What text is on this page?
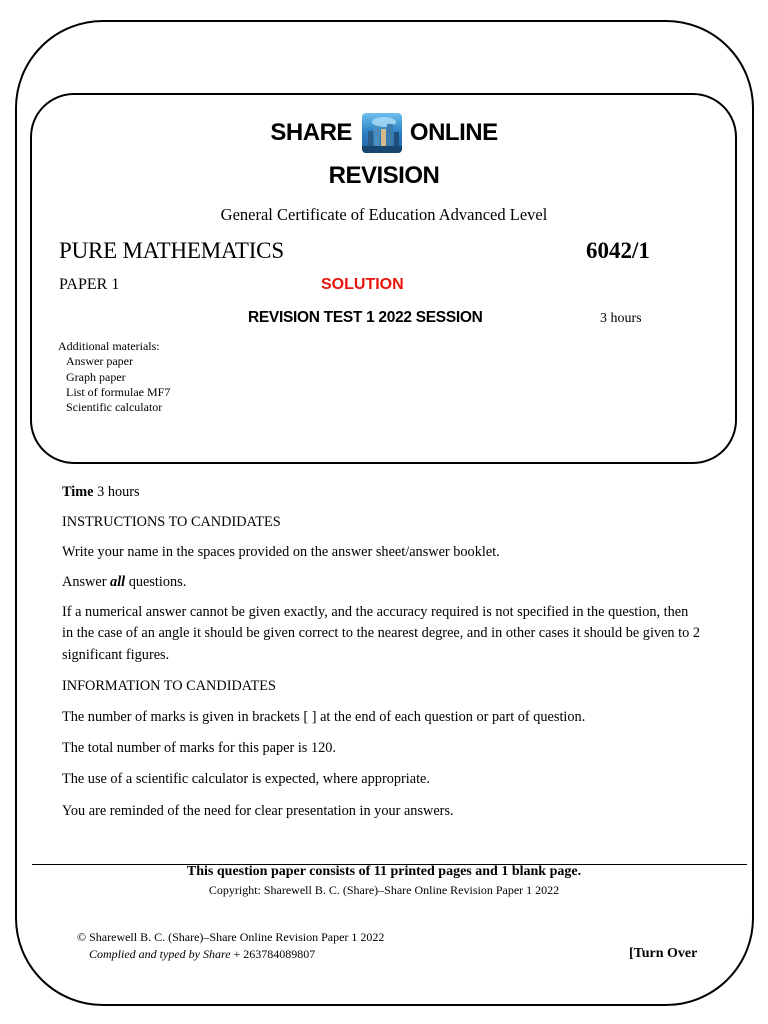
SHARE ONLINE
REVISION
General Certificate of Education Advanced Level
PURE MATHEMATICS	6042/1
PAPER 1	SOLUTION
REVISION TEST 1 2022 SESSION	3 hours
Additional materials:
Answer paper
Graph paper
List of formulae MF7
Scientific calculator
Time 3 hours
INSTRUCTIONS TO CANDIDATES
Write your name in the spaces provided on the answer sheet/answer booklet.
Answer all questions.
If a numerical answer cannot be given exactly, and the accuracy required is not specified in the question, then in the case of an angle it should be given correct to the nearest degree, and in other cases it should be given to 2 significant figures.
INFORMATION TO CANDIDATES
The number of marks is given in brackets [ ] at the end of each question or part of question.
The total number of marks for this paper is 120.
The use of a scientific calculator is expected, where appropriate.
You are reminded of the need for clear presentation in your answers.
This question paper consists of 11 printed pages and 1 blank page.
Copyright: Sharewell B. C. (Share)–Share Online Revision Paper 1 2022
© Sharewell B. C. (Share)–Share Online Revision Paper 1 2022
Complied and typed by Share + 263784089807	[Turn Over
